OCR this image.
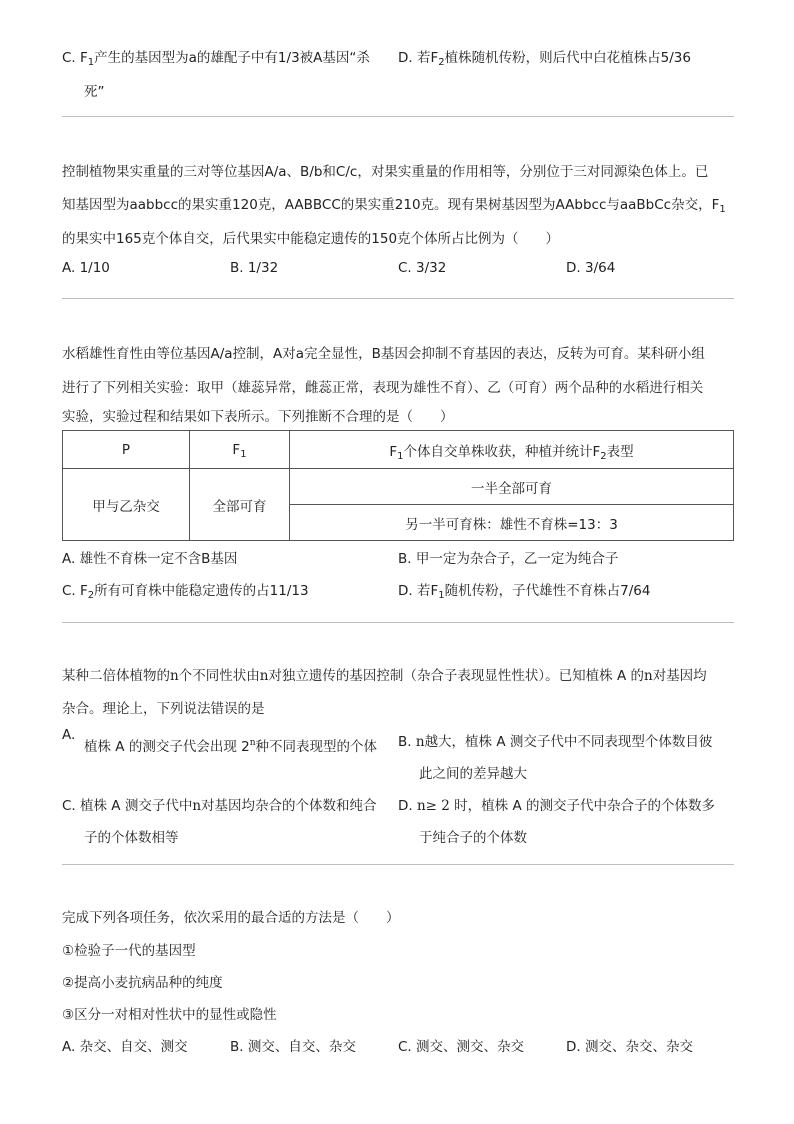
C. $F_1$产生的基因型为a的雄配子中有1/3被A基因“杀
死”
D. 若$F_2$植株随机传粉，则后代中白花植株占5/36
控制植物果实重量的三对等位基因A/a、B/b和C/c，对果实重量的作用相等，分别位于三对同源染色体上。已
知基因型为aabbcc的果实重120克，AABBCC的果实重210克。现有果树基因型为AAbbcc与aaBbCc杂交，$F_1$
的果实中165克个体自交，后代果实中能稳定遗传的150克个体所占比例为（　　）
A. 1/10	B. 1/32	C. 3/32	D. 3/64
水稻雄性育性由等位基因A/a控制，A对a完全显性，B基因会抑制不育基因的表达，反转为可育。某科研小组
进行了下列相关实验：取甲（雄蕊异常，雌蕊正常，表现为雄性不育）、乙（可育）两个品种的水稻进行相关
实验，实验过程和结果如下表所示。下列推断不合理的是（　　）
P	$F_1$	$F_1$个体自交单株收获，种植并统计$F_2$表型
甲与乙杂交	全部可育	一半全部可育
		另一半可育株：雄性不育株=13：3
A. 雄性不育株一定不含B基因	B. 甲一定为杂合子，乙一定为纯合子
C. $F_2$所有可育株中能稳定遗传的占11/13	D. 若$F_1$随机传粉，子代雄性不育株占7/64
某种二倍体植物的n个不同性状由n对独立遗传的基因控制（杂合子表现显性性状）。已知植株 A 的n对基因均
杂合。理论上，下列说法错误的是
A.
植株 A 的测交子代会出现 2$^n$种不同表现型的个体 B. n越大，植株 A 测交子代中不同表现型个体数目彼
此之间的差异越大
C. 植株 A 测交子代中n对基因均杂合的个体数和纯合
子的个体数相等
D. n≥ 2 时，植株 A 的测交子代中杂合子的个体数多
于纯合子的个体数
完成下列各项任务，依次采用的最合适的方法是（　　）
①检验子一代的基因型
②提高小麦抗病品种的纯度
③区分一对相对性状中的显性或隐性
A. 杂交、自交、测交	B. 测交、自交、杂交	C. 测交、测交、杂交	D. 测交、杂交、杂交
